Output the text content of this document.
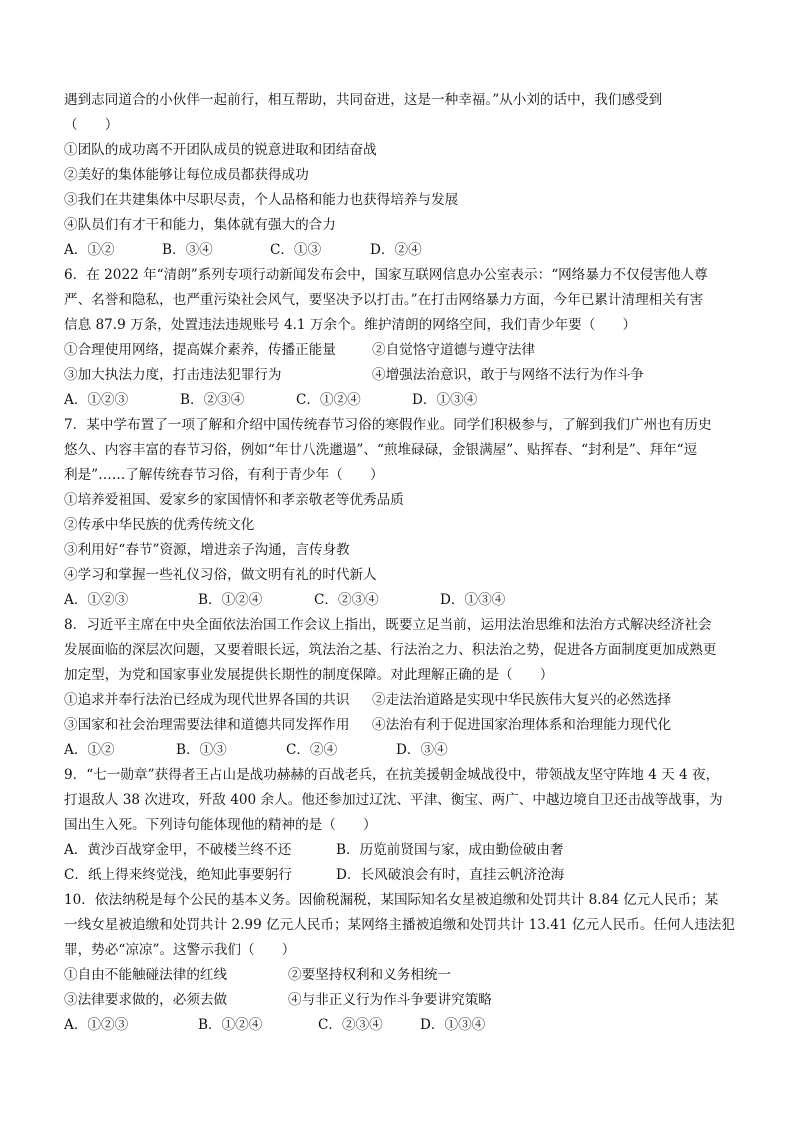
遇到志同道合的小伙伴一起前行，相互帮助，共同奋进，这是一种幸福。”从小刘的话中，我们感受到
（　　）
①团队的成功离不开团队成员的锐意进取和团结奋战
②美好的集体能够让每位成员都获得成功
③我们在共建集体中尽职尽责，个人品格和能力也获得培养与发展
④队员们有才干和能力，集体就有强大的合力
A．①②	B．③④	C．①③	D．②④
6．在 2022 年“清朗”系列专项行动新闻发布会中，国家互联网信息办公室表示：“网络暴力不仅侵害他人尊
严、名誉和隐私，也严重污染社会风气，要坚决予以打击。”在打击网络暴力方面，今年已累计清理相关有害
信息 87.9 万条，处置违法违规账号 4.1 万余个。维护清朗的网络空间，我们青少年要（　　）
①合理使用网络，提高媒介素养，传播正能量	②自觉恪守道德与遵守法律
③加大执法力度，打击违法犯罪行为	④增强法治意识，敢于与网络不法行为作斗争
A．①②③	B．②③④	C．①②④	D．①③④
7．某中学布置了一项了解和介绍中国传统春节习俗的寒假作业。同学们积极参与，了解到我们广州也有历史
悠久、内容丰富的春节习俗，例如“年廿八洗邋遢”、“煎堆碌碌，金银满屋”、贴挥春、“封利是”、拜年“逗
利是”……了解传统春节习俗，有利于青少年（　　）
①培养爱祖国、爱家乡的家国情怀和孝亲敬老等优秀品质
②传承中华民族的优秀传统文化
③利用好“春节”资源，增进亲子沟通，言传身教
④学习和掌握一些礼仪习俗，做文明有礼的时代新人
A．①②③	B．①②④	C．②③④	D．①③④
8．习近平主席在中央全面依法治国工作会议上指出，既要立足当前，运用法治思维和法治方式解决经济社会
发展面临的深层次问题，又要着眼长远，筑法治之基、行法治之力、积法治之势，促进各方面制度更加成熟更
加定型，为党和国家事业发展提供长期性的制度保障。对此理解正确的是（　　）
①追求并奉行法治已经成为现代世界各国的共识	②走法治道路是实现中华民族伟大复兴的必然选择
③国家和社会治理需要法律和道德共同发挥作用	④法治有利于促进国家治理体系和治理能力现代化
A．①②	B．①③	C．②④	D．③④
9．“七一勋章”获得者王占山是战功赫赫的百战老兵，在抗美援朝金城战役中，带领战友坚守阵地 4 天 4 夜，
打退敌人 38 次进攻，歼敌 400 余人。他还参加过辽沈、平津、衡宝、两广、中越边境自卫还击战等战事，为
国出生入死。下列诗句能体现他的精神的是（　　）
A．黄沙百战穿金甲，不破楼兰终不还	B．历览前贤国与家，成由勤俭破由奢
C．纸上得来终觉浅，绝知此事要躬行	D．长风破浪会有时，直挂云帆济沧海
10．依法纳税是每个公民的基本义务。因偷税漏税，某国际知名女星被追缴和处罚共计 8.84 亿元人民币；某
一线女星被追缴和处罚共计 2.99 亿元人民币；某网络主播被追缴和处罚共计 13.41 亿元人民币。任何人违法犯
罪，势必“凉凉”。这警示我们（　　）
①自由不能触碰法律的红线	②要坚持权利和义务相统一
③法律要求做的，必须去做	④与非正义行为作斗争要讲究策略
A．①②③	B．①②④	C．②③④	D．①③④
